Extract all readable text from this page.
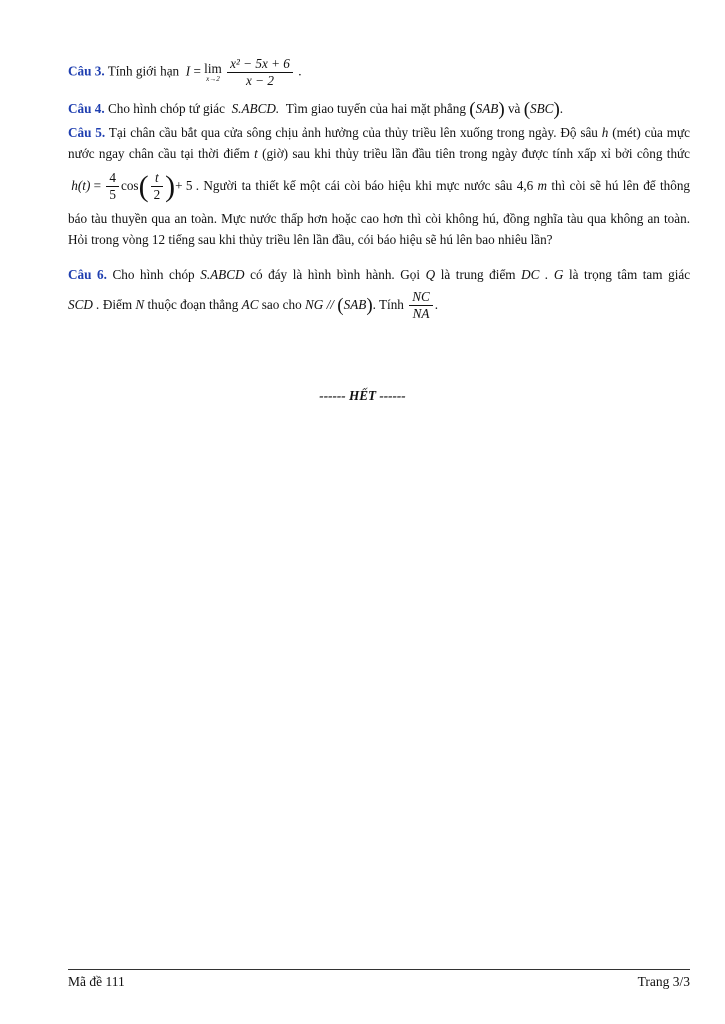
Câu 3. Tính giới hạn I = lim
x→2
$\frac{\text{x² − 5x + 6}}{x - 2}$ .
Câu 4. Cho hình chóp tứ giác S.ABCD. Tìm giao tuyến của hai mặt phẳng (SAB) và (SBC).
Câu 5. Tại chân cầu bắt qua cửa sông chịu ảnh hưởng của thủy triều lên xuống trong ngày. Độ sâu h (mét) của mực nước ngay chân cầu tại thời điểm t (giờ) sau khi thủy triều lần đầu tiên trong ngày được tính xấp xỉ bởi công thức  $h(t) = \frac{4}{5} \cos( \frac{t}{2}$ )+ 5 . Người ta thiết kế một cái còi báo hiệu khi mực nước sâu 4,6 m thì còi sẽ hú lên để thông báo tàu thuyền qua an toàn. Mực nước thấp hơn hoặc cao hơn thì còi không hú, đồng nghĩa tàu qua không an toàn. Hỏi trong vòng 12 tiếng sau khi thủy triều lên lần đầu, cói báo hiệu sẽ hú lên bao nhiêu lần?
Câu 6. Cho hình chóp S.ABCD có đáy là hình bình hành. Gọi Q là trung điểm DC . G là trọng tâm tam giác SCD . Điểm N thuộc đoạn thẳng AC sao cho NG // (SAB). Tính $\frac{NC}{NA}$ .
------ HẾT ------
Mã đề 111	Trang 3/3
